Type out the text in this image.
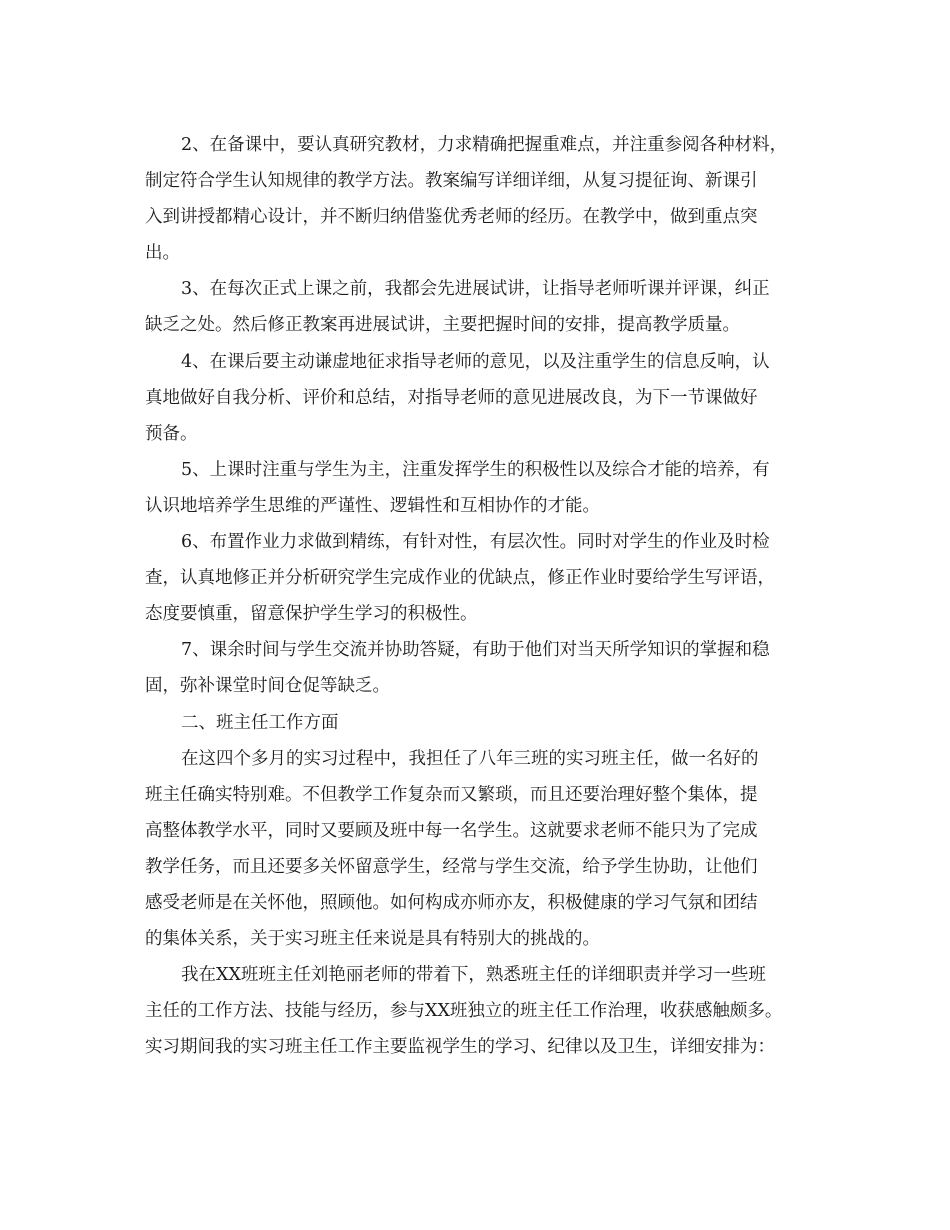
2、在备课中，要认真研究教材，力求精确把握重难点，并注重参阅各种材料，
制定符合学生认知规律的教学方法。教案编写详细详细，从复习提征询、新课引
入到讲授都精心设计，并不断归纳借鉴优秀老师的经历。在教学中，做到重点突
出。
3、在每次正式上课之前，我都会先进展试讲，让指导老师听课并评课，纠正
缺乏之处。然后修正教案再进展试讲，主要把握时间的安排，提高教学质量。
4、在课后要主动谦虚地征求指导老师的意见，以及注重学生的信息反响，认
真地做好自我分析、评价和总结，对指导老师的意见进展改良，为下一节课做好
预备。
5、上课时注重与学生为主，注重发挥学生的积极性以及综合才能的培养，有
认识地培养学生思维的严谨性、逻辑性和互相协作的才能。
6、布置作业力求做到精练，有针对性，有层次性。同时对学生的作业及时检
查，认真地修正并分析研究学生完成作业的优缺点，修正作业时要给学生写评语，
态度要慎重，留意保护学生学习的积极性。
7、课余时间与学生交流并协助答疑，有助于他们对当天所学知识的掌握和稳
固，弥补课堂时间仓促等缺乏。
二、班主任工作方面
在这四个多月的实习过程中，我担任了八年三班的实习班主任，做一名好的
班主任确实特别难。不但教学工作复杂而又繁琐，而且还要治理好整个集体，提
高整体教学水平，同时又要顾及班中每一名学生。这就要求老师不能只为了完成
教学任务，而且还要多关怀留意学生，经常与学生交流，给予学生协助，让他们
感受老师是在关怀他，照顾他。如何构成亦师亦友，积极健康的学习气氛和团结
的集体关系，关于实习班主任来说是具有特别大的挑战的。
我在XX班班主任刘艳丽老师的带着下，熟悉班主任的详细职责并学习一些班
主任的工作方法、技能与经历，参与XX班独立的班主任工作治理，收获感触颇多。
实习期间我的实习班主任工作主要监视学生的学习、纪律以及卫生，详细安排为：
